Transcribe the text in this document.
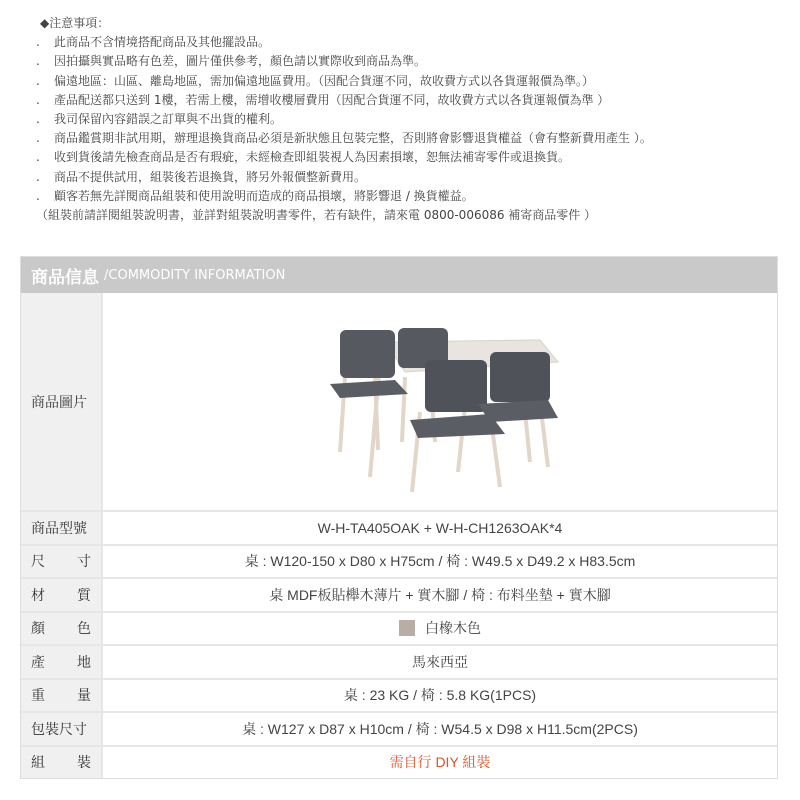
◆注意事項：
.	此商品不含情境搭配商品及其他擺設品。
.	因拍攝與實品略有色差，圖片僅供參考，顏色請以實際收到商品為準。
.	偏遠地區：山區、離島地區，需加偏遠地區費用。（因配合貨運不同，故收費方式以各貨運報價為準。）
.	產品配送都只送到 1樓，若需上樓，需增收樓層費用（因配合貨運不同，故收費方式以各貨運報價為準 ）
.	我司保留內容錯誤之訂單與不出貨的權利。
.	商品鑑賞期非試用期，辦理退換貨商品必須是新狀態且包裝完整，否則將會影響退貨權益（會有整新費用產生 ）。
.	收到貨後請先檢查商品是否有瑕疵，未經檢查即組裝視人為因素損壞，恕無法補寄零件或退換貨。
.	商品不提供試用，組裝後若退換貨，將另外報價整新費用。
.	顧客若無先詳閱商品組裝和使用說明而造成的商品損壞，將影響退 / 換貨權益。
（組裝前請詳閱組裝說明書，並詳對組裝說明書零件，若有缺件，請來電 0800-006086 補寄商品零件 ）
商品信息 /COMMODITY INFORMATION
商品圖片
商品型號	W-H-TA405OAK + W-H-CH1263OAK*4
尺 寸	桌 : W120-150 x D80 x H75cm / 椅 : W49.5 x D49.2 x H83.5cm
材 質	桌 MDF板貼櫸木薄片 + 實木腳 / 椅 : 布料坐墊 + 實木腳
顏 色	白橡木色
產 地	馬來西亞
重 量	桌 : 23 KG / 椅 : 5.8 KG(1PCS)
包裝尺寸	桌 : W127 x D87 x H10cm / 椅 : W54.5 x D98 x H11.5cm(2PCS)
組 裝	需自行 DIY 組裝
